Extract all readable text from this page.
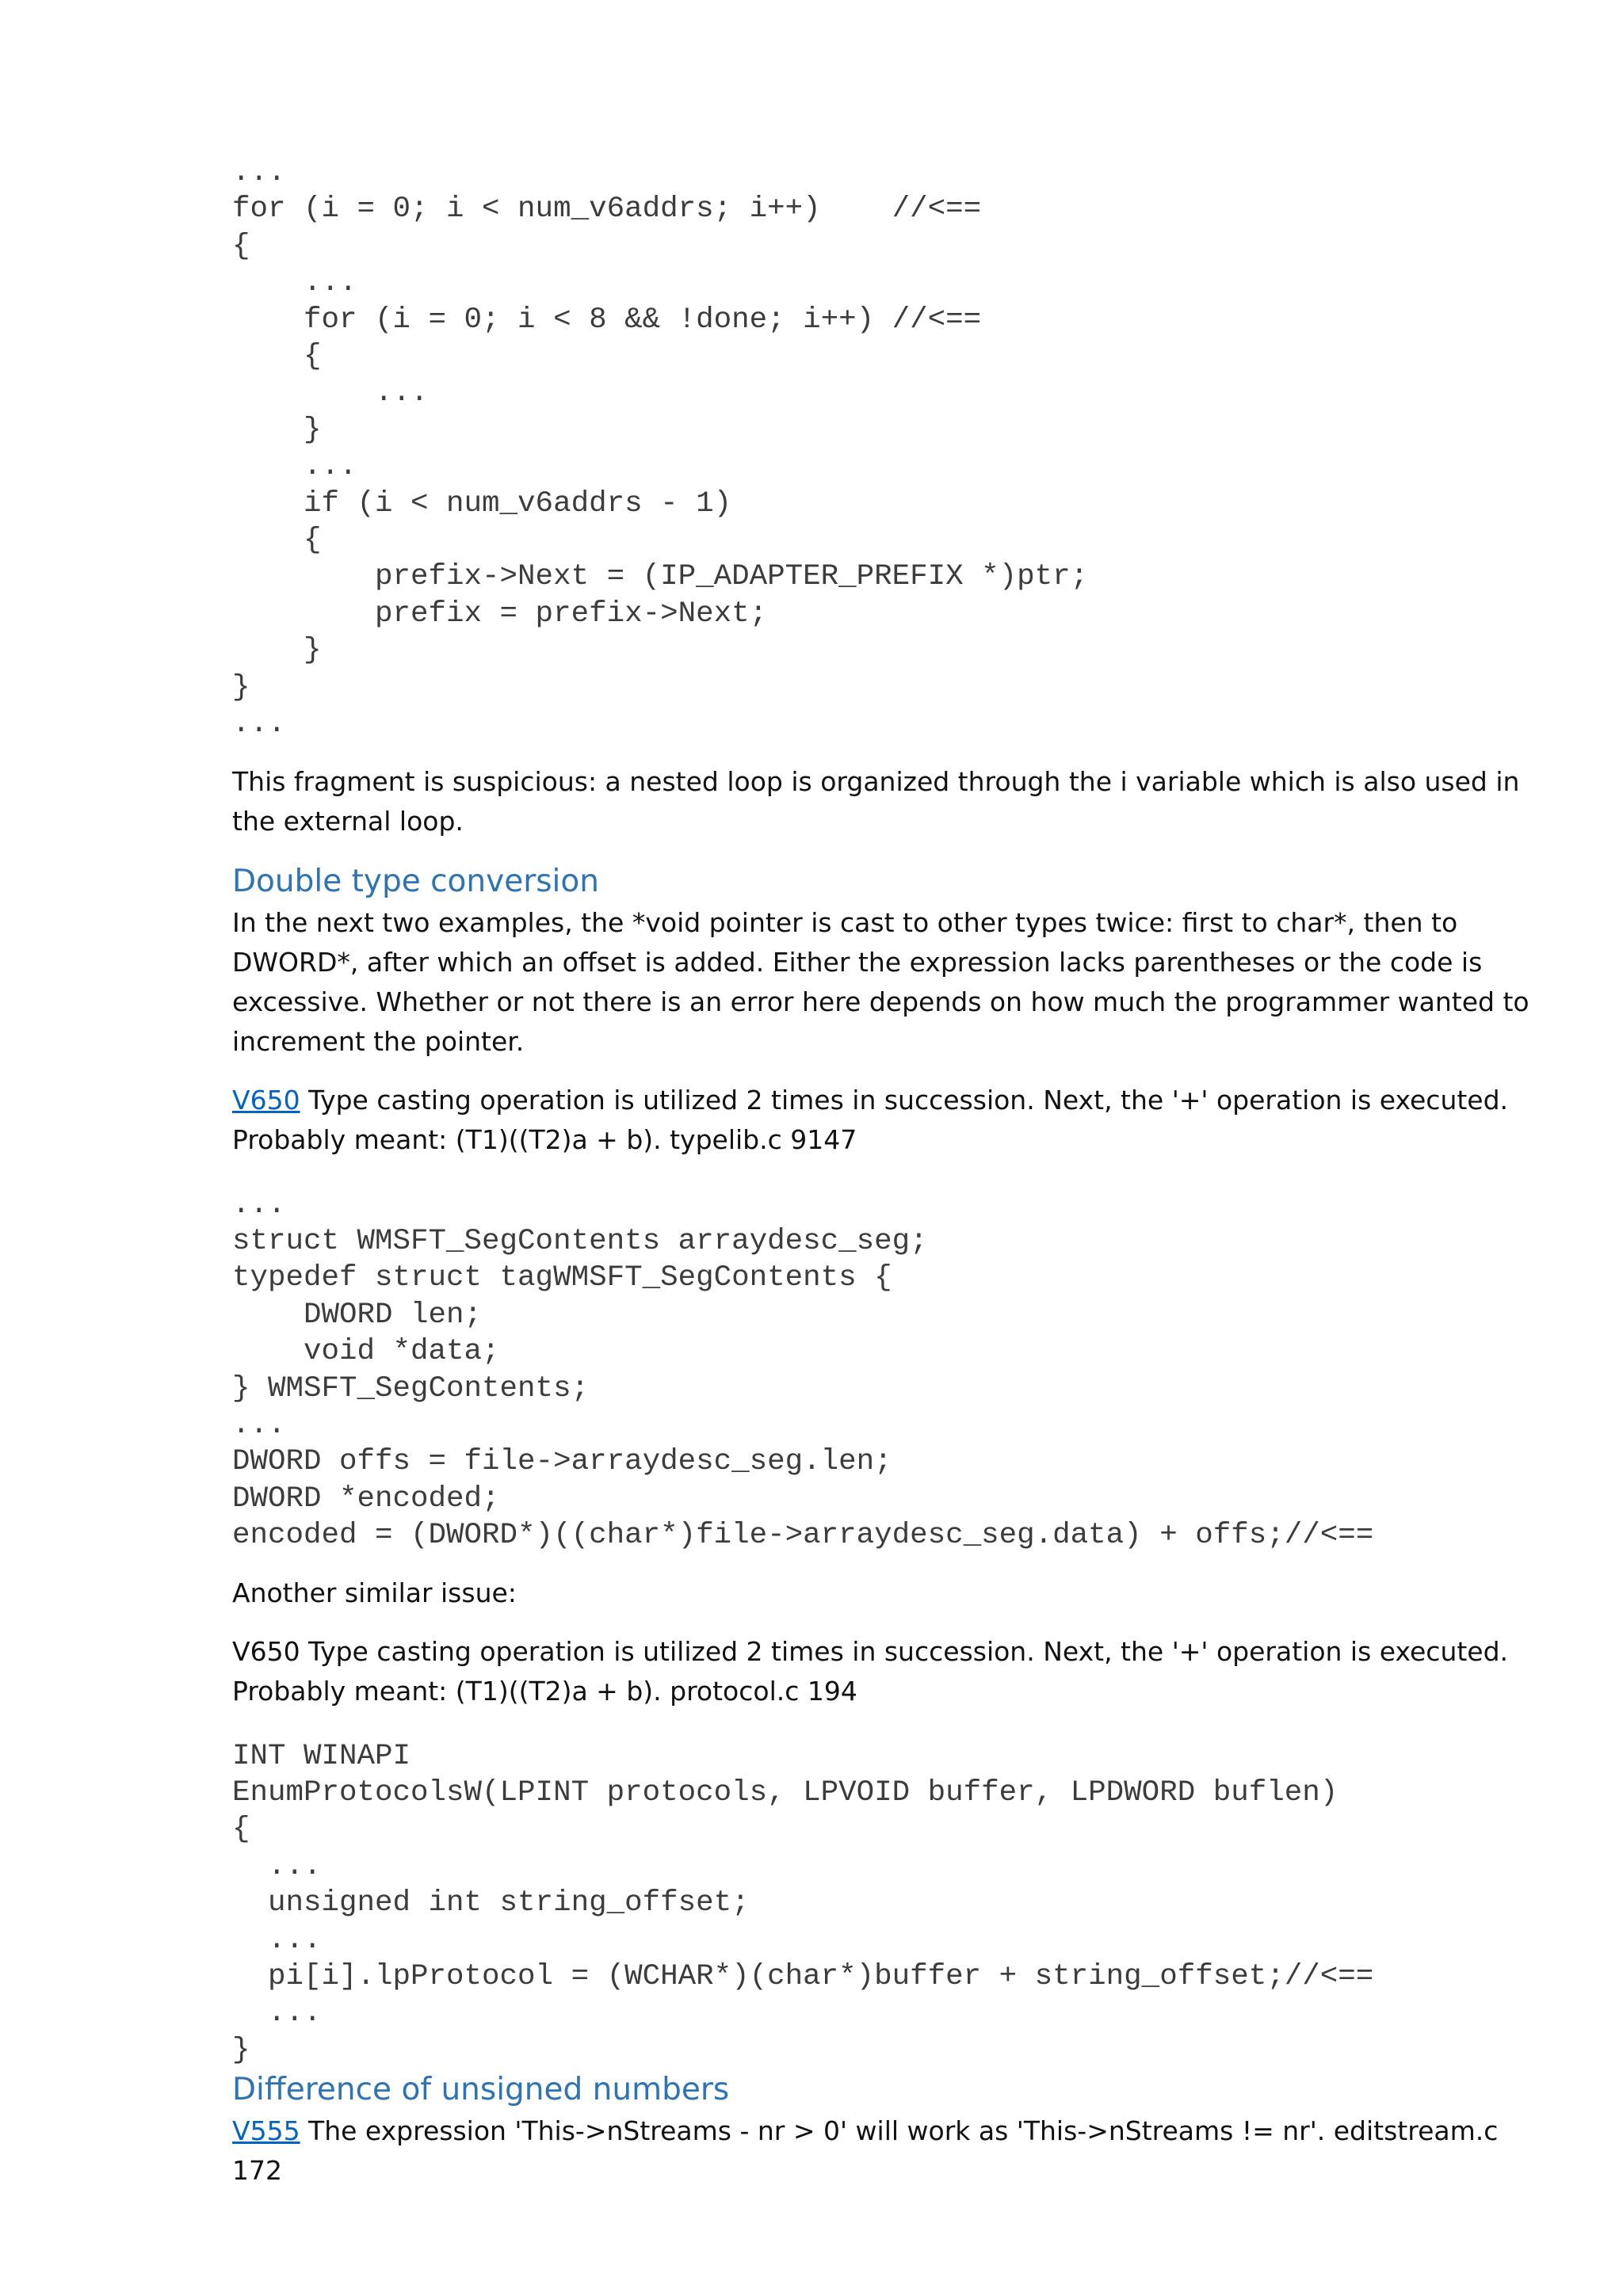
...
for (i = 0; i < num_v6addrs; i++)    //<==
{
...
for (i = 0; i < 8 && !done; i++) //<==
{
...
}
...
if (i < num_v6addrs - 1)
{
prefix->Next = (IP_ADAPTER_PREFIX *)ptr;
prefix = prefix->Next;
}
}
...

This fragment is suspicious: a nested loop is organized through the i variable which is also used in the external loop.

Double type conversion

In the next two examples, the *void pointer is cast to other types twice: first to char*, then to DWORD*, after which an offset is added. Either the expression lacks parentheses or the code is excessive. Whether or not there is an error here depends on how much the programmer wanted to increment the pointer.

V650 Type casting operation is utilized 2 times in succession. Next, the '+' operation is executed. Probably meant: (T1)((T2)a + b). typelib.c 9147

...
struct WMSFT_SegContents arraydesc_seg;
typedef struct tagWMSFT_SegContents {
DWORD len;
void *data;
} WMSFT_SegContents;
...
DWORD offs = file->arraydesc_seg.len;
DWORD *encoded;
encoded = (DWORD*)((char*)file->arraydesc_seg.data) + offs;//<==

Another similar issue:

V650 Type casting operation is utilized 2 times in succession. Next, the '+' operation is executed. Probably meant: (T1)((T2)a + b). protocol.c 194

INT WINAPI
EnumProtocolsW(LPINT protocols, LPVOID buffer, LPDWORD buflen)
{
...
unsigned int string_offset;
...
pi[i].lpProtocol = (WCHAR*)(char*)buffer + string_offset;//<==
...
}
Difference of unsigned numbers

V555 The expression 'This->nStreams - nr > 0' will work as 'This->nStreams != nr'. editstream.c 172
